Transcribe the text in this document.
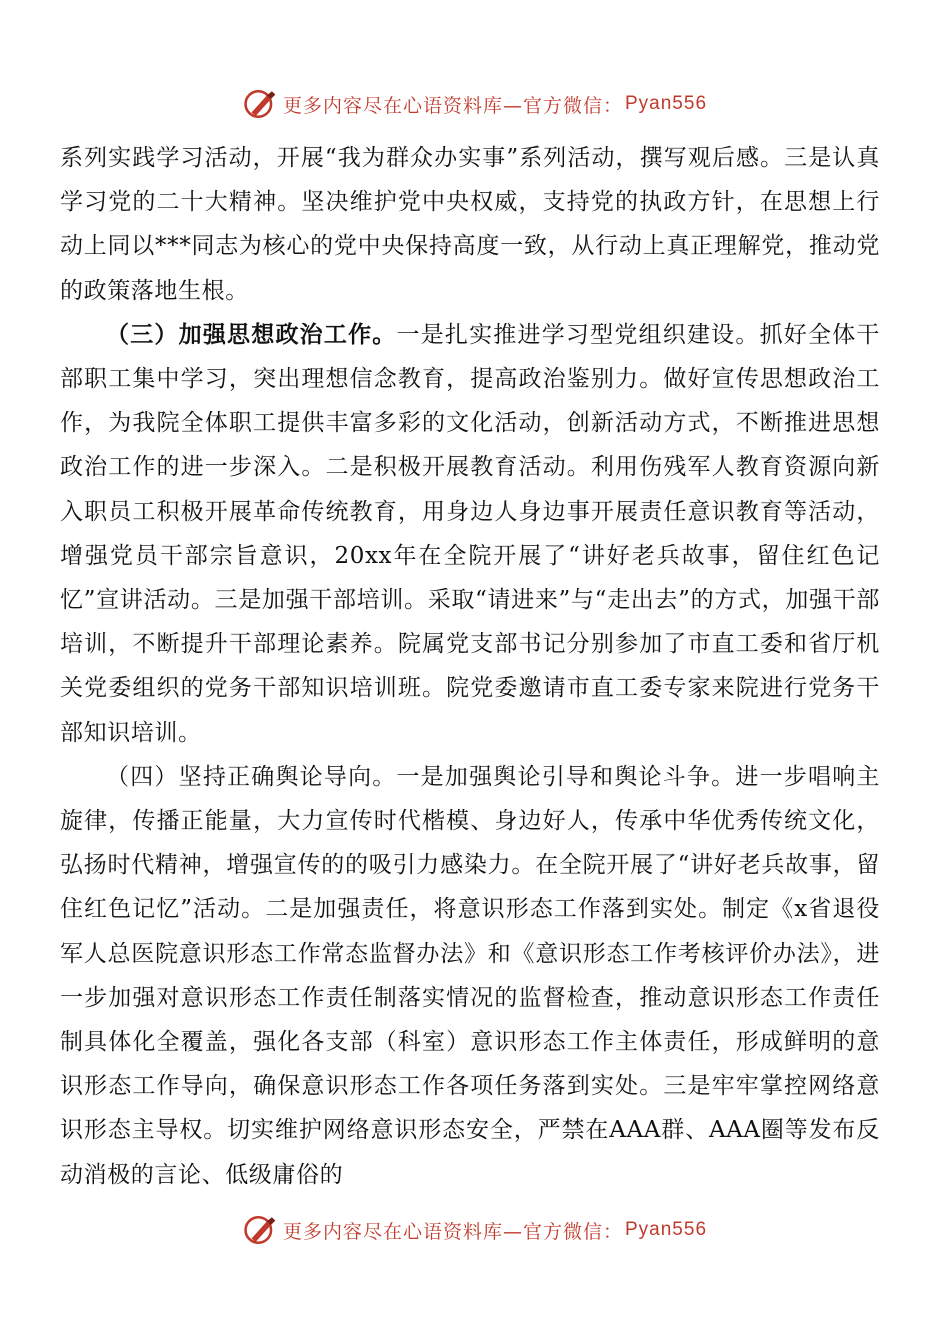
更多内容尽在心语资料库—官方微信： Pyan556

系列实践学习活动，开展“我为群众办实事”系列活动，撰写观后感。三是认真学习党的二十大精神。坚决维护党中央权威，支持党的执政方针，在思想上行动上同以***同志为核心的党中央保持高度一致，从行动上真正理解党，推动党的政策落地生根。

（三）加强思想政治工作。一是扎实推进学习型党组织建设。抓好全体干部职工集中学习，突出理想信念教育，提高政治鉴别力。做好宣传思想政治工作，为我院全体职工提供丰富多彩的文化活动，创新活动方式，不断推进思想政治工作的进一步深入。二是积极开展教育活动。利用伤残军人教育资源向新入职员工积极开展革命传统教育，用身边人身边事开展责任意识教育等活动，增强党员干部宗旨意识，20xx年在全院开展了“讲好老兵故事，留住红色记忆”宣讲活动。三是加强干部培训。采取“请进来”与“走出去”的方式，加强干部培训，不断提升干部理论素养。院属党支部书记分别参加了市直工委和省厅机关党委组织的党务干部知识培训班。院党委邀请市直工委专家来院进行党务干部知识培训。

（四）坚持正确舆论导向。一是加强舆论引导和舆论斗争。进一步唱响主旋律，传播正能量，大力宣传时代楷模、身边好人，传承中华优秀传统文化，弘扬时代精神，增强宣传的的吸引力感染力。在全院开展了“讲好老兵故事，留住红色记忆”活动。二是加强责任，将意识形态工作落到实处。制定《x省退役军人总医院意识形态工作常态监督办法》和《意识形态工作考核评价办法》，进一步加强对意识形态工作责任制落实情况的监督检查，推动意识形态工作责任制具体化全覆盖，强化各支部（科室）意识形态工作主体责任，形成鲜明的意识形态工作导向，确保意识形态工作各项任务落到实处。三是牢牢掌控网络意识形态主导权。切实维护网络意识形态安全，严禁在AAA群、AAA圈等发布反动消极的言论、低级庸俗的

更多内容尽在心语资料库—官方微信： Pyan556
